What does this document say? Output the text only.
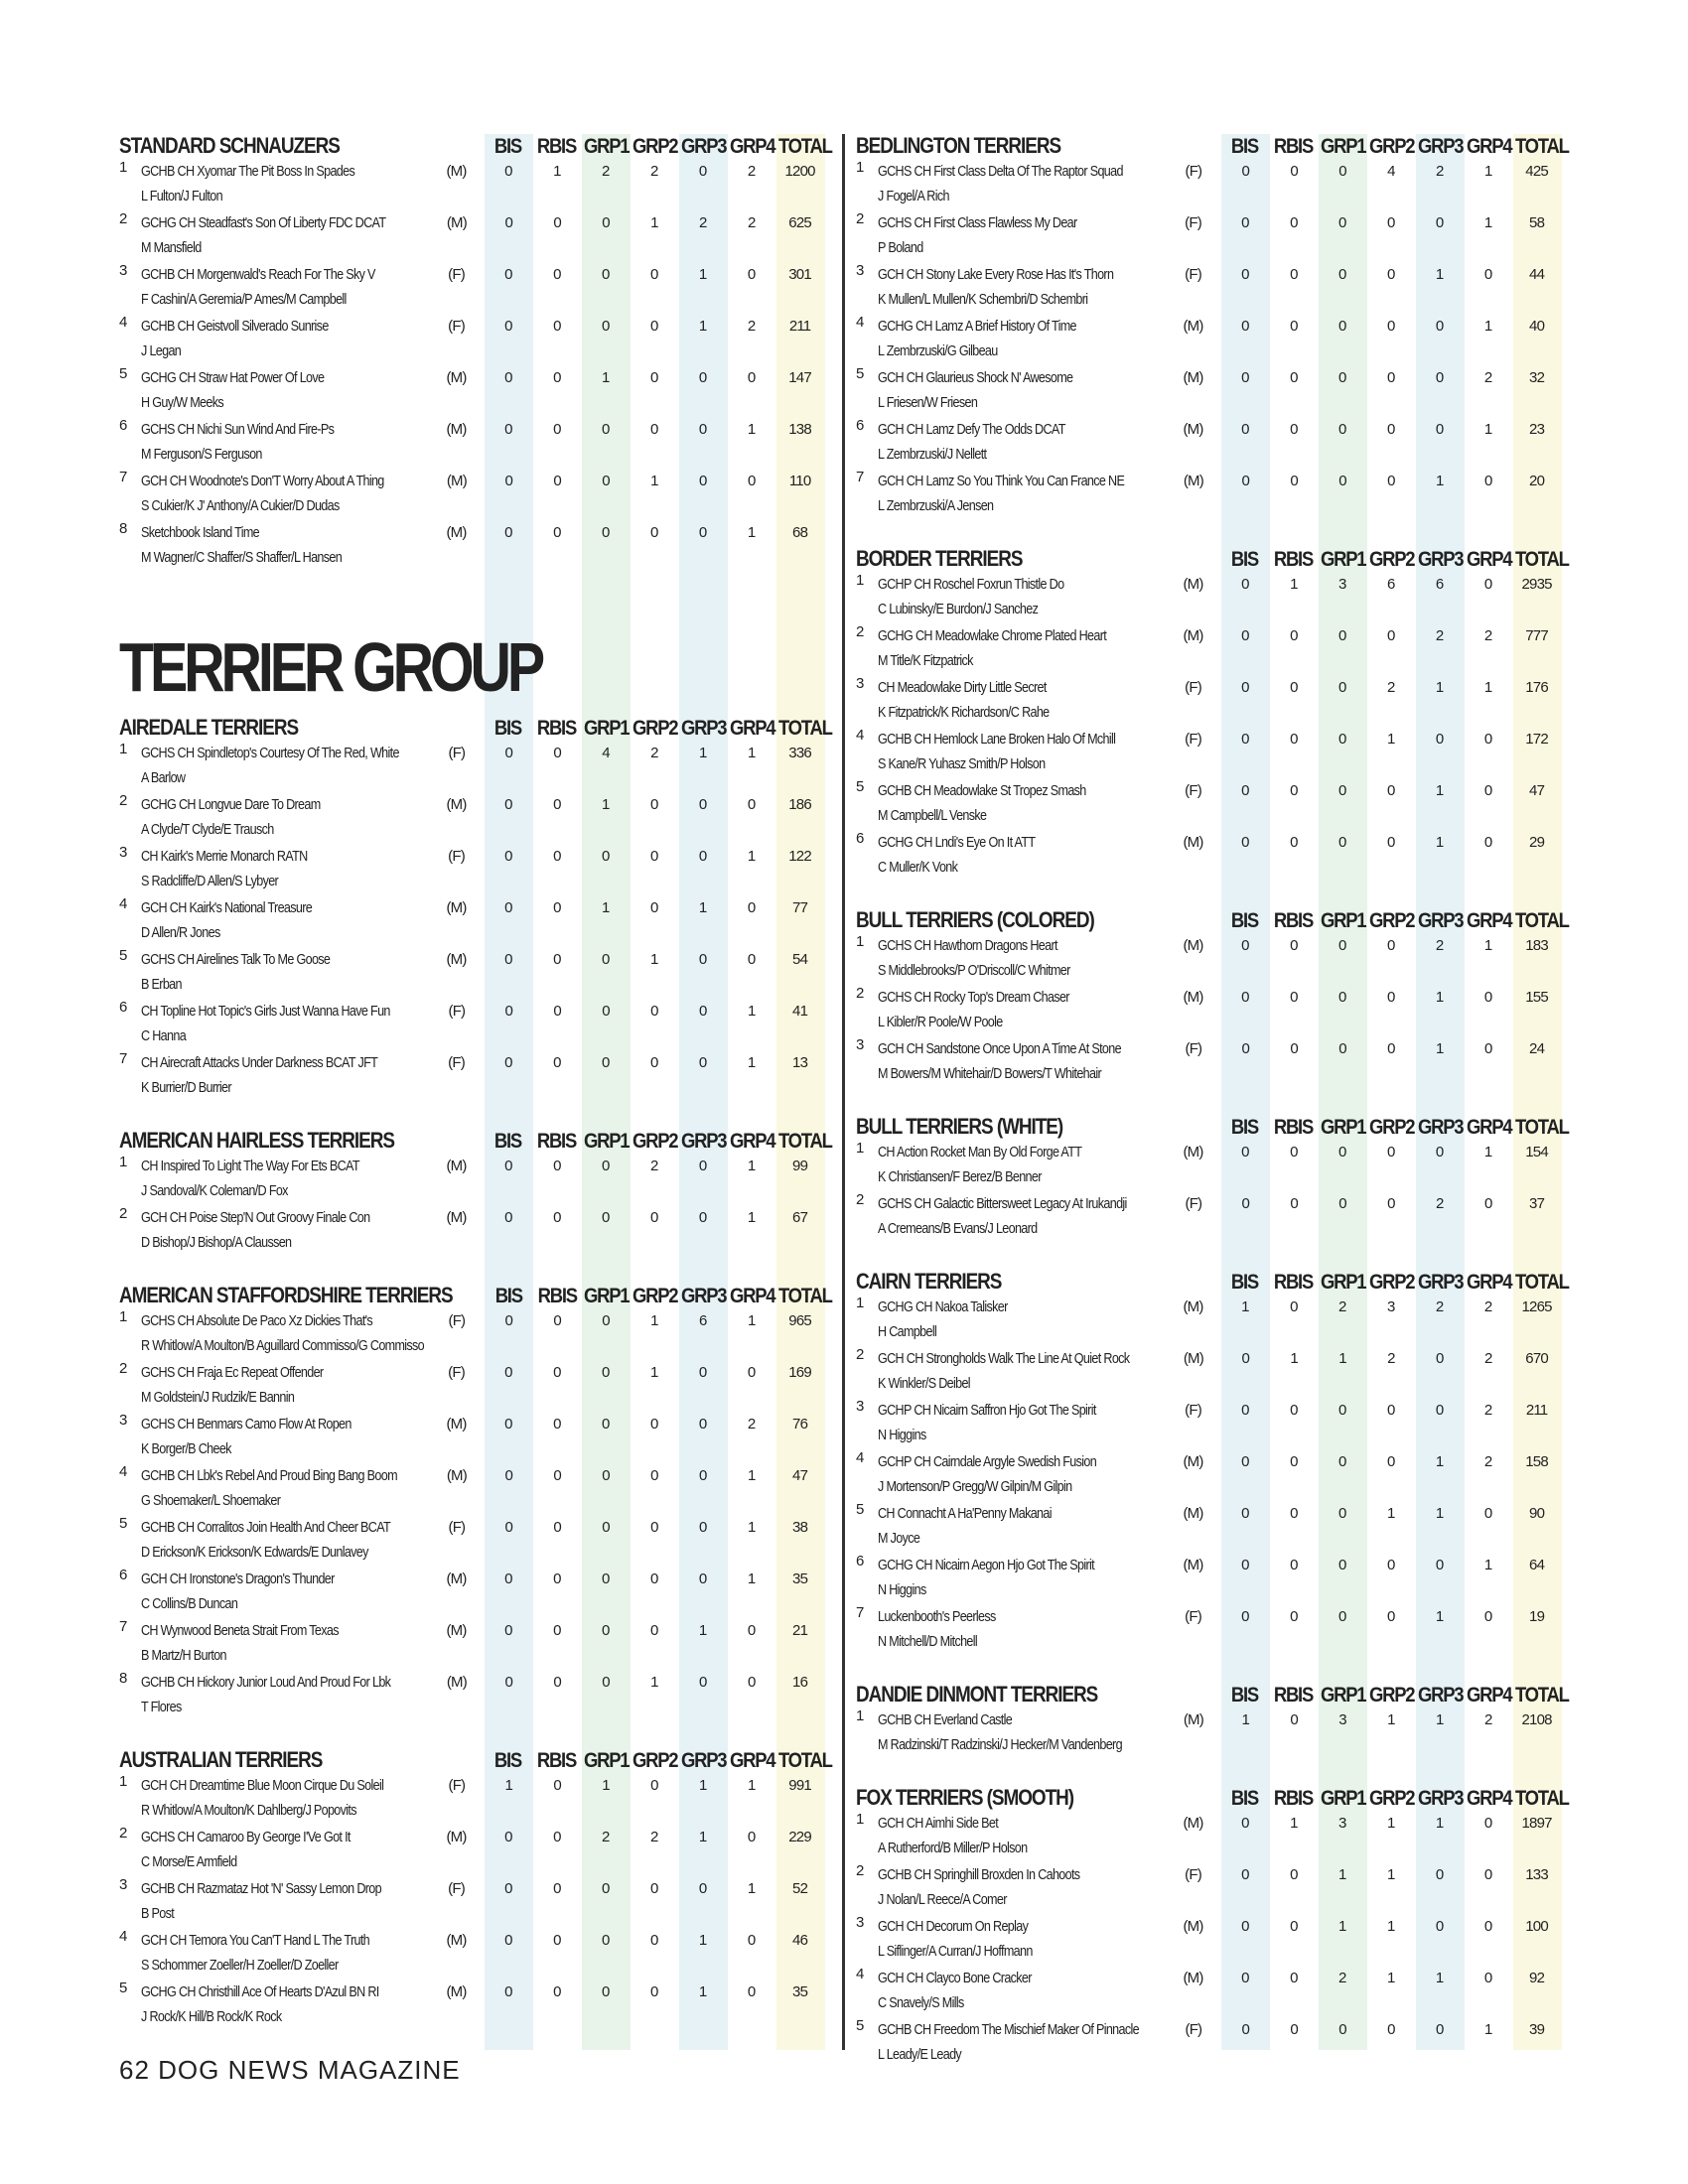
STANDARD SCHNAUZERS	BIS RBIS GRP1 GRP2 GRP3 GRP4 TOTAL
1 GCHB CH Xyomar The Pit Boss In Spades
L Fulton/J Fulton
(M)	0	1	2	2	0	2	1200
2 GCHG CH Steadfast's Son Of Liberty FDC DCAT
M Mansfield
(M)	0	0	0	1	2	2	625
3 GCHB CH Morgenwald's Reach For The Sky V
F Cashin/A Geremia/P Ames/M Campbell
(F)	0	0	0	0	1	0	301
4 GCHB CH Geistvoll Silverado Sunrise
J Legan
(F)	0	0	0	0	1	2	211
5 GCHG CH Straw Hat Power Of Love
H Guy/W Meeks
(M)	0	0	1	0	0	0	147
6 GCHS CH Nichi Sun Wind And Fire-Ps
M Ferguson/S Ferguson
(M)	0	0	0	0	0	1	138
7 GCH CH Woodnote's Don'T Worry About A Thing
S Cukier/K J' Anthony/A Cukier/D Dudas
(M)	0	0	0	1	0	0	110
8 Sketchbook Island Time
M Wagner/C Shaffer/S Shaffer/L Hansen
(M)	0	0	0	0	0	1	68
TERRIER GROUP
AIREDALE TERRIERS	BIS RBIS GRP1 GRP2 GRP3 GRP4 TOTAL
1 GCHS CH Spindletop's Courtesy Of The Red, White
A Barlow
(F)	0	0	4	2	1	1	336
2 GCHG CH Longvue Dare To Dream
A Clyde/T Clyde/E Trausch
(M)	0	0	1	0	0	0	186
3 CH Kairk's Merrie Monarch RATN
S Radcliffe/D Allen/S Lybyer
(F)	0	0	0	0	0	1	122
4 GCH CH Kairk's National Treasure
D Allen/R Jones
(M)	0	0	1	0	1	0	77
5 GCHS CH Airelines Talk To Me Goose
B Erban
(M)	0	0	0	1	0	0	54
6 CH Topline Hot Topic's Girls Just Wanna Have Fun
C Hanna
(F)	0	0	0	0	0	1	41
7 CH Airecraft Attacks Under Darkness BCAT JFT
K Burrier/D Burrier
(F)	0	0	0	0	0	1	13
AMERICAN HAIRLESS TERRIERS	BIS RBIS GRP1 GRP2 GRP3 GRP4 TOTAL
1 CH Inspired To Light The Way For Ets BCAT
J Sandoval/K Coleman/D Fox
(M)	0	0	0	2	0	1	99
2 GCH CH Poise Step'N Out Groovy Finale Con
D Bishop/J Bishop/A Claussen
(M)	0	0	0	0	0	1	67
AMERICAN STAFFORDSHIRE TERRIERS	BIS RBIS GRP1 GRP2 GRP3 GRP4 TOTAL
1 GCHS CH Absolute De Paco Xz Dickies That's
R Whitlow/A Moulton/B Aguillard Commisso/G Commisso
(F)	0	0	0	1	6	1	965
2 GCHS CH Fraja Ec Repeat Offender
M Goldstein/J Rudzik/E Bannin
(F)	0	0	0	1	0	0	169
3 GCHS CH Benmars Camo Flow At Ropen
K Borger/B Cheek
(M)	0	0	0	0	0	2	76
4 GCHB CH Lbk's Rebel And Proud Bing Bang Boom
G Shoemaker/L Shoemaker
(M)	0	0	0	0	0	1	47
5 GCHB CH Corralitos Join Health And Cheer BCAT
D Erickson/K Erickson/K Edwards/E Dunlavey
(F)	0	0	0	0	0	1	38
6 GCH CH Ironstone's Dragon's Thunder
C Collins/B Duncan
(M)	0	0	0	0	0	1	35
7 CH Wynwood Beneta Strait From Texas
B Martz/H Burton
(M)	0	0	0	0	1	0	21
8 GCHB CH Hickory Junior Loud And Proud For Lbk
T Flores
(M)	0	0	0	1	0	0	16
AUSTRALIAN TERRIERS	BIS RBIS GRP1 GRP2 GRP3 GRP4 TOTAL
1 GCH CH Dreamtime Blue Moon Cirque Du Soleil
R Whitlow/A Moulton/K Dahlberg/J Popovits
(F)	1	0	1	0	1	1	991
2 GCHS CH Camaroo By George I'Ve Got It
C Morse/E Armfield
(M)	0	0	2	2	1	0	229
3 GCHB CH Razmataz Hot 'N' Sassy Lemon Drop
B Post
(F)	0	0	0	0	0	1	52
4 GCH CH Temora You Can'T Hand L The Truth
S Schommer Zoeller/H Zoeller/D Zoeller
(M)	0	0	0	0	1	0	46
5 GCHG CH Christhill Ace Of Hearts D'Azul BN RI
J Rock/K Hill/B Rock/K Rock
(M)	0	0	0	0	1	0	35
BEDLINGTON TERRIERS	BIS RBIS GRP1 GRP2 GRP3 GRP4 TOTAL
1 GCHS CH First Class Delta Of The Raptor Squad
J Fogel/A Rich
(F)	0	0	0	4	2	1	425
2 GCHS CH First Class Flawless My Dear
P Boland
(F)	0	0	0	0	0	1	58
3 GCH CH Stony Lake Every Rose Has It's Thorn
K Mullen/L Mullen/K Schembri/D Schembri
(F)	0	0	0	0	1	0	44
4 GCHG CH Lamz A Brief History Of Time
L Zembrzuski/G Gilbeau
(M)	0	0	0	0	0	1	40
5 GCH CH Glaurieus Shock N' Awesome
L Friesen/W Friesen
(M)	0	0	0	0	0	2	32
6 GCH CH Lamz Defy The Odds DCAT
L Zembrzuski/J Nellett
(M)	0	0	0	0	0	1	23
7 GCH CH Lamz So You Think You Can France NE
L Zembrzuski/A Jensen
(M)	0	0	0	0	1	0	20
BORDER TERRIERS	BIS RBIS GRP1 GRP2 GRP3 GRP4 TOTAL
1 GCHP CH Roschel Foxrun Thistle Do
C Lubinsky/E Burdon/J Sanchez
(M)	0	1	3	6	6	0	2935
2 GCHG CH Meadowlake Chrome Plated Heart
M Title/K Fitzpatrick
(M)	0	0	0	0	2	2	777
3 CH Meadowlake Dirty Little Secret
K Fitzpatrick/K Richardson/C Rahe
(F)	0	0	0	2	1	1	176
4 GCHB CH Hemlock Lane Broken Halo Of Mchill
S Kane/R Yuhasz Smith/P Holson
(F)	0	0	0	1	0	0	172
5 GCHB CH Meadowlake St Tropez Smash
M Campbell/L Venske
(F)	0	0	0	0	1	0	47
6 GCHG CH Lndi's Eye On It ATT
C Muller/K Vonk
(M)	0	0	0	0	1	0	29
BULL TERRIERS (COLORED)	BIS RBIS GRP1 GRP2 GRP3 GRP4 TOTAL
1 GCHS CH Hawthorn Dragons Heart
S Middlebrooks/P O'Driscoll/C Whitmer
(M)	0	0	0	0	2	1	183
2 GCHS CH Rocky Top's Dream Chaser
L Kibler/R Poole/W Poole
(M)	0	0	0	0	1	0	155
3 GCH CH Sandstone Once Upon A Time At Stone
M Bowers/M Whitehair/D Bowers/T Whitehair
(F)	0	0	0	0	1	0	24
BULL TERRIERS (WHITE)	BIS RBIS GRP1 GRP2 GRP3 GRP4 TOTAL
1 CH Action Rocket Man By Old Forge ATT
K Christiansen/F Berez/B Benner
(M)	0	0	0	0	0	1	154
2 GCHS CH Galactic Bittersweet Legacy At Irukandji
A Cremeans/B Evans/J Leonard
(F)	0	0	0	0	2	0	37
CAIRN TERRIERS	BIS RBIS GRP1 GRP2 GRP3 GRP4 TOTAL
1 GCHG CH Nakoa Talisker
H Campbell
(M)	1	0	2	3	2	2	1265
2 GCH CH Strongholds Walk The Line At Quiet Rock
K Winkler/S Deibel
(M)	0	1	1	2	0	2	670
3 GCHP CH Nicairn Saffron Hjo Got The Spirit
N Higgins
(F)	0	0	0	0	0	2	211
4 GCHP CH Cairndale Argyle Swedish Fusion
J Mortenson/P Gregg/W Gilpin/M Gilpin
(M)	0	0	0	0	1	2	158
5 CH Connacht A Ha'Penny Makanai
M Joyce
(M)	0	0	0	1	1	0	90
6 GCHG CH Nicairn Aegon Hjo Got The Spirit
N Higgins
(M)	0	0	0	0	0	1	64
7 Luckenbooth's Peerless
N Mitchell/D Mitchell
(F)	0	0	0	0	1	0	19
DANDIE DINMONT TERRIERS	BIS RBIS GRP1 GRP2 GRP3 GRP4 TOTAL
1 GCHB CH Everland Castle
M Radzinski/T Radzinski/J Hecker/M Vandenberg
(M)	1	0	3	1	1	2	2108
FOX TERRIERS (SMOOTH)	BIS RBIS GRP1 GRP2 GRP3 GRP4 TOTAL
1 GCH CH Aimhi Side Bet
A Rutherford/B Miller/P Holson
(M)	0	1	3	1	1	0	1897
2 GCHB CH Springhill Broxden In Cahoots
J Nolan/L Reece/A Comer
(F)	0	0	1	1	0	0	133
3 GCH CH Decorum On Replay
L Siflinger/A Curran/J Hoffmann
(M)	0	0	1	1	0	0	100
4 GCH CH Clayco Bone Cracker
C Snavely/S Mills
(M)	0	0	2	1	1	0	92
5 GCHB CH Freedom The Mischief Maker Of Pinnacle
L Leady/E Leady
(F)	0	0	0	0	0	1	39
62 DOG NEWS MAGAZINE
